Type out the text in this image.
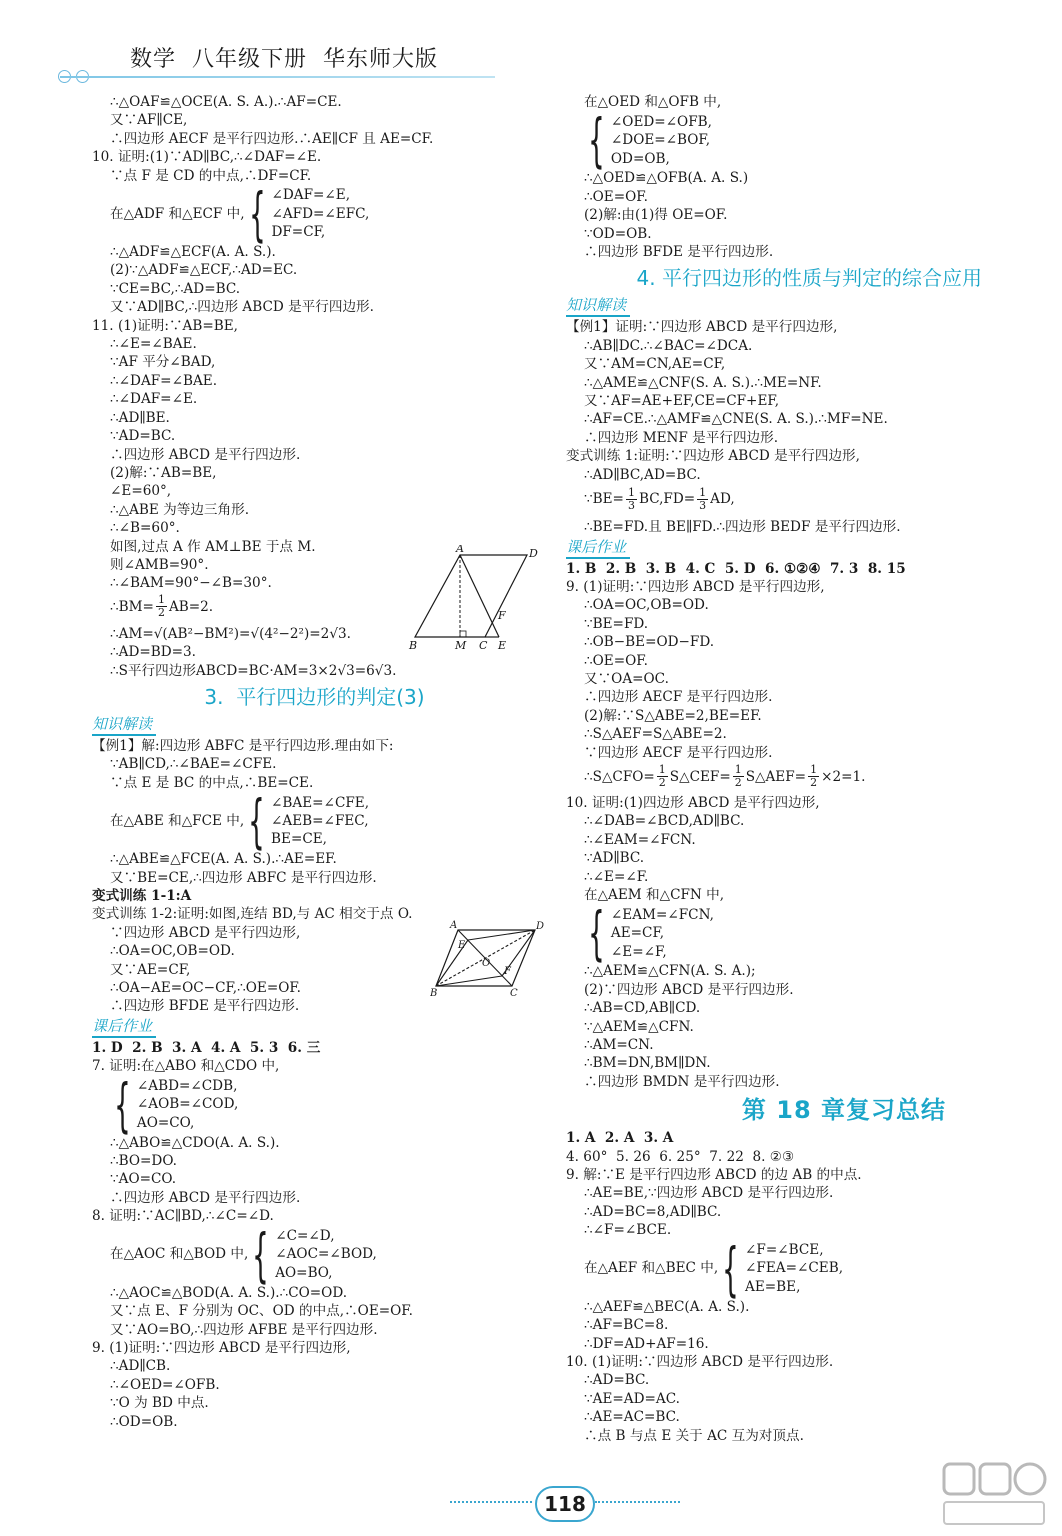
数学  八年级下册  华东师大版
∴△OAF≌△OCE(A. S. A.).∴AF=CE.
又∵AF∥CE,
∴四边形 AECF 是平行四边形.∴AE∥CF 且 AE=CF.
10. 证明:(1)∵AD∥BC,∴∠DAF=∠E.
∵点 F 是 CD 的中点,∴DF=CF.
在△ADF 和△ECF 中, { ∠DAF=∠E,
∠AFD=∠EFC,
DF=CF,
∴△ADF≌△ECF(A. A. S.).
(2)∵△ADF≌△ECF,∴AD=EC.
∵CE=BC,∴AD=BC.
又∵AD∥BC,∴四边形 ABCD 是平行四边形.
11. (1)证明:∵AB=BE,
∴∠E=∠BAE.
∵AF 平分∠BAD,
∴∠DAF=∠BAE.
∴∠DAF=∠E.
∴AD∥BE.
∵AD=BC.
∴四边形 ABCD 是平行四边形.
(2)解:∵AB=BE,
∠E=60°,
∴△ABE 为等边三角形.
∴∠B=60°.
如图,过点 A 作 AM⊥BE 于点 M.
则∠AMB=90°.
∴∠BAM=90°−∠B=30°.
∴BM= $\frac{1}{2} AB=2$.
∴AM=√(AB²−BM²)=√(4²−2²)=2√3.
∴AD=BD=3.
∴S平行四边形ABCD=BC·AM=3×2√3=6√3.
3.  平行四边形的判定(3)
知识解读
【例1】解:四边形 ABFC 是平行四边形.理由如下:
∵AB∥CD,∴∠BAE=∠CFE.
∵点 E 是 BC 的中点,∴BE=CE.
在△ABE 和△FCE 中, { ∠BAE=∠CFE,
∠AEB=∠FEC,
BE=CE,
∴△ABE≌△FCE(A. A. S.).∴AE=EF.
又∵BE=CE,∴四边形 ABFC 是平行四边形.
变式训练 1-1:A
变式训练 1-2:证明:如图,连结 BD,与 AC 相交于点 O.
∵四边形 ABCD 是平行四边形,
∴OA=OC,OB=OD.
又∵AE=CF,
∴OA−AE=OC−CF,∴OE=OF.
∴四边形 BFDE 是平行四边形.
课后作业
1. D  2. B  3. A  4. A  5. 3  6. 三
7. 证明:在△ABO 和△CDO 中,
{ ∠ABD=∠CDB,
∠AOB=∠COD,
AO=CO,
∴△ABO≌△CDO(A. A. S.).
∴BO=DO.
∵AO=CO.
∴四边形 ABCD 是平行四边形.
8. 证明:∵AC∥BD,∴∠C=∠D.
在△AOC 和△BOD 中, { ∠C=∠D,
∠AOC=∠BOD,
AO=BO,
∴△AOC≌△BOD(A. A. S.).∴CO=OD.
又∵点 E、F 分别为 OC、OD 的中点,∴OE=OF.
又∵AO=BO,∴四边形 AFBE 是平行四边形.
9. (1)证明:∵四边形 ABCD 是平行四边形,
∴AD∥CB.
∴∠OED=∠OFB.
∵O 为 BD 中点.
∴OD=OB.
A	D
B	M C E
F
A	D
B	C
E
F
O
在△OED 和△OFB 中,
{ ∠OED=∠OFB,
∠DOE=∠BOF,
OD=OB,
∴△OED≌△OFB(A. A. S.)
∴OE=OF.
(2)解:由(1)得 OE=OF.
∵OD=OB.
∴四边形 BFDE 是平行四边形.
4. 平行四边形的性质与判定的综合应用
知识解读
【例1】证明:∵四边形 ABCD 是平行四边形,
∴AB∥DC.∴∠BAC=∠DCA.
又∵AM=CN,AE=CF,
∴△AME≌△CNF(S. A. S.).∴ME=NF.
又∵AF=AE+EF,CE=CF+EF,
∴AF=CE.∴△AMF≌△CNE(S. A. S.).∴MF=NE.
∴四边形 MENF 是平行四边形.
变式训练 1:证明:∵四边形 ABCD 是平行四边形,
∴AD∥BC,AD=BC.
∵BE= $\frac{1}{3} BC,FD= \frac{1}{3}$ AD,
∴BE=FD.且 BE∥FD.∴四边形 BEDF 是平行四边形.
课后作业
1. B  2. B  3. B  4. C  5. D  6. ①②④  7. 3  8. 15
9. (1)证明:∵四边形 ABCD 是平行四边形,
∴OA=OC,OB=OD.
∵BE=FD.
∴OB−BE=OD−FD.
∴OE=OF.
又∵OA=OC.
∴四边形 AECF 是平行四边形.
(2)解:∵S△ABE=2,BE=EF.
∴S△AEF=S△ABE=2.
∵四边形 AECF 是平行四边形.
∴S△CFO= $\frac{1}{2}$ S△CEF= $\frac{1}{2}$ S△AEF= $\frac{1}{2} \times 2=1$.
10. 证明:(1)四边形 ABCD 是平行四边形,
∴∠DAB=∠BCD,AD∥BC.
∴∠EAM=∠FCN.
∵AD∥BC.
∴∠E=∠F.
在△AEM 和△CFN 中,
{ ∠EAM=∠FCN,
AE=CF,
∠E=∠F,
∴△AEM≌△CFN(A. S. A.);
(2)∵四边形 ABCD 是平行四边形.
∴AB=CD,AB∥CD.
∵△AEM≌△CFN.
∴AM=CN.
∴BM=DN,BM∥DN.
∴四边形 BMDN 是平行四边形.
第 18 章复习总结
1. A  2. A  3. A
4. 60°  5. 26  6. 25°  7. 22  8. ②③
9. 解:∵E 是平行四边形 ABCD 的边 AB 的中点.
∴AE=BE,∵四边形 ABCD 是平行四边形.
∴AD=BC=8,AD∥BC.
∴∠F=∠BCE.
在△AEF 和△BEC 中, { ∠F=∠BCE,
∠FEA=∠CEB,
AE=BE,
∴△AEF≌△BEC(A. A. S.).
∴AF=BC=8.
∴DF=AD+AF=16.
10. (1)证明:∵四边形 ABCD 是平行四边形.
∴AD=BC.
∵AE=AD=AC.
∴AE=AC=BC.
∴点 B 与点 E 关于 AC 互为对顶点.
118
